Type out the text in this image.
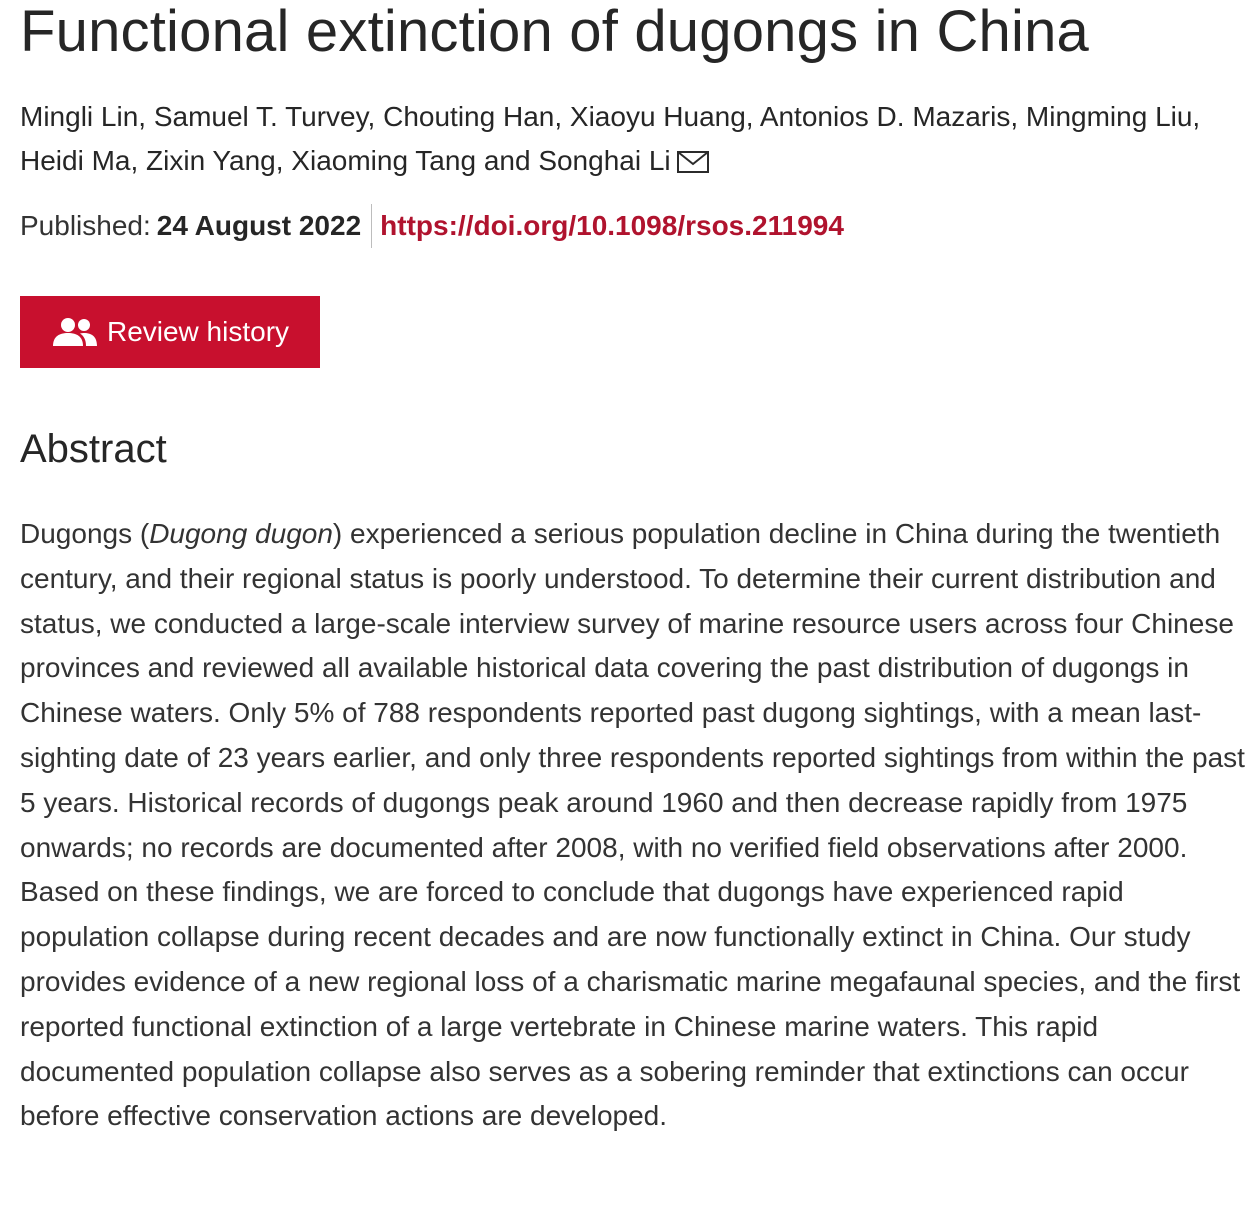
Functional extinction of dugongs in China
Mingli Lin, Samuel T. Turvey, Chouting Han, Xiaoyu Huang, Antonios D. Mazaris, Mingming Liu, Heidi Ma, Zixin Yang, Xiaoming Tang and Songhai Li
Published: 24 August 2022 https://doi.org/10.1098/rsos.211994
Review history
Abstract

Dugongs (Dugong dugon) experienced a serious population decline in China during the twentieth century, and their regional status is poorly understood. To determine their current distribution and status, we conducted a large-scale interview survey of marine resource users across four Chinese provinces and reviewed all available historical data covering the past distribution of dugongs in Chinese waters. Only 5% of 788 respondents reported past dugong sightings, with a mean last-sighting date of 23 years earlier, and only three respondents reported sightings from within the past 5 years. Historical records of dugongs peak around 1960 and then decrease rapidly from 1975 onwards; no records are documented after 2008, with no verified field observations after 2000. Based on these findings, we are forced to conclude that dugongs have experienced rapid population collapse during recent decades and are now functionally extinct in China. Our study provides evidence of a new regional loss of a charismatic marine megafaunal species, and the first reported functional extinction of a large vertebrate in Chinese marine waters. This rapid documented population collapse also serves as a sobering reminder that extinctions can occur before effective conservation actions are developed.
